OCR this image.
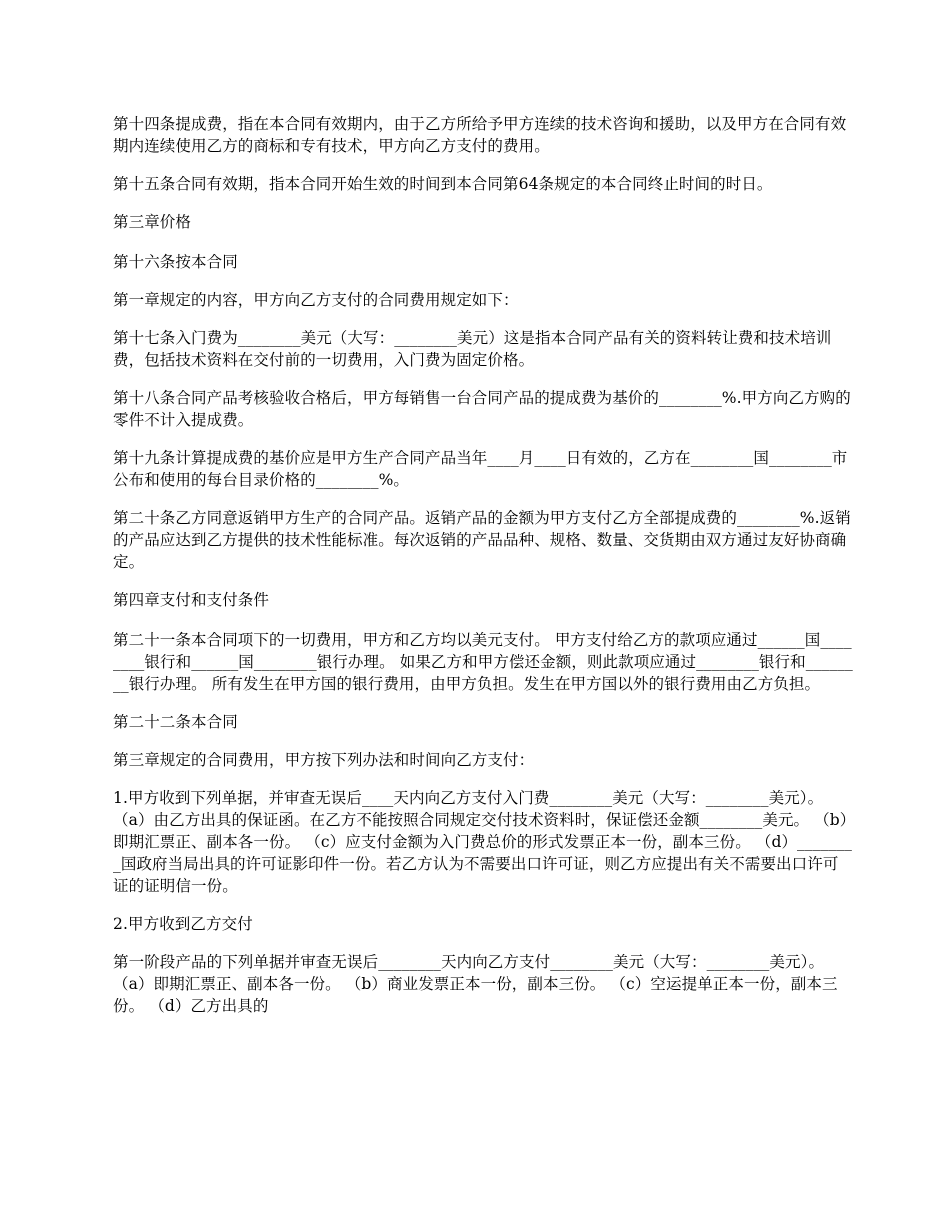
第十四条提成费，指在本合同有效期内，由于乙方所给予甲方连续的技术咨询和援助，以及甲方在合同有效期内连续使用乙方的商标和专有技术，甲方向乙方支付的费用。

第十五条合同有效期，指本合同开始生效的时间到本合同第64条规定的本合同终止时间的时日。

第三章价格

第十六条按本合同

第一章规定的内容，甲方向乙方支付的合同费用规定如下：

第十七条入门费为________美元（大写：________美元）这是指本合同产品有关的资料转让费和技术培训费，包括技术资料在交付前的一切费用，入门费为固定价格。

第十八条合同产品考核验收合格后，甲方每销售一台合同产品的提成费为基价的________%.甲方向乙方购的零件不计入提成费。

第十九条计算提成费的基价应是甲方生产合同产品当年____月____日有效的，乙方在________国________市公布和使用的每台目录价格的________%。

第二十条乙方同意返销甲方生产的合同产品。返销产品的金额为甲方支付乙方全部提成费的________%.返销的产品应达到乙方提供的技术性能标准。每次返销的产品品种、规格、数量、交货期由双方通过友好协商确定。

第四章支付和支付条件

第二十一条本合同项下的一切费用，甲方和乙方均以美元支付。 甲方支付给乙方的款项应通过______国________银行和______国________银行办理。 如果乙方和甲方偿还金额，则此款项应通过________银行和________银行办理。 所有发生在甲方国的银行费用，由甲方负担。发生在甲方国以外的银行费用由乙方负担。

第二十二条本合同

第三章规定的合同费用，甲方按下列办法和时间向乙方支付：

1.甲方收到下列单据，并审查无误后____天内向乙方支付入门费________美元（大写：________美元）。 （a）由乙方出具的保证函。在乙方不能按照合同规定交付技术资料时，保证偿还金额________美元。 （b）即期汇票正、副本各一份。 （c）应支付金额为入门费总价的形式发票正本一份，副本三份。 （d）________国政府当局出具的许可证影印件一份。若乙方认为不需要出口许可证，则乙方应提出有关不需要出口许可证的证明信一份。

2.甲方收到乙方交付

第一阶段产品的下列单据并审查无误后________天内向乙方支付________美元（大写：________美元）。 （a）即期汇票正、副本各一份。 （b）商业发票正本一份，副本三份。 （c）空运提单正本一份，副本三份。 （d）乙方出具的
